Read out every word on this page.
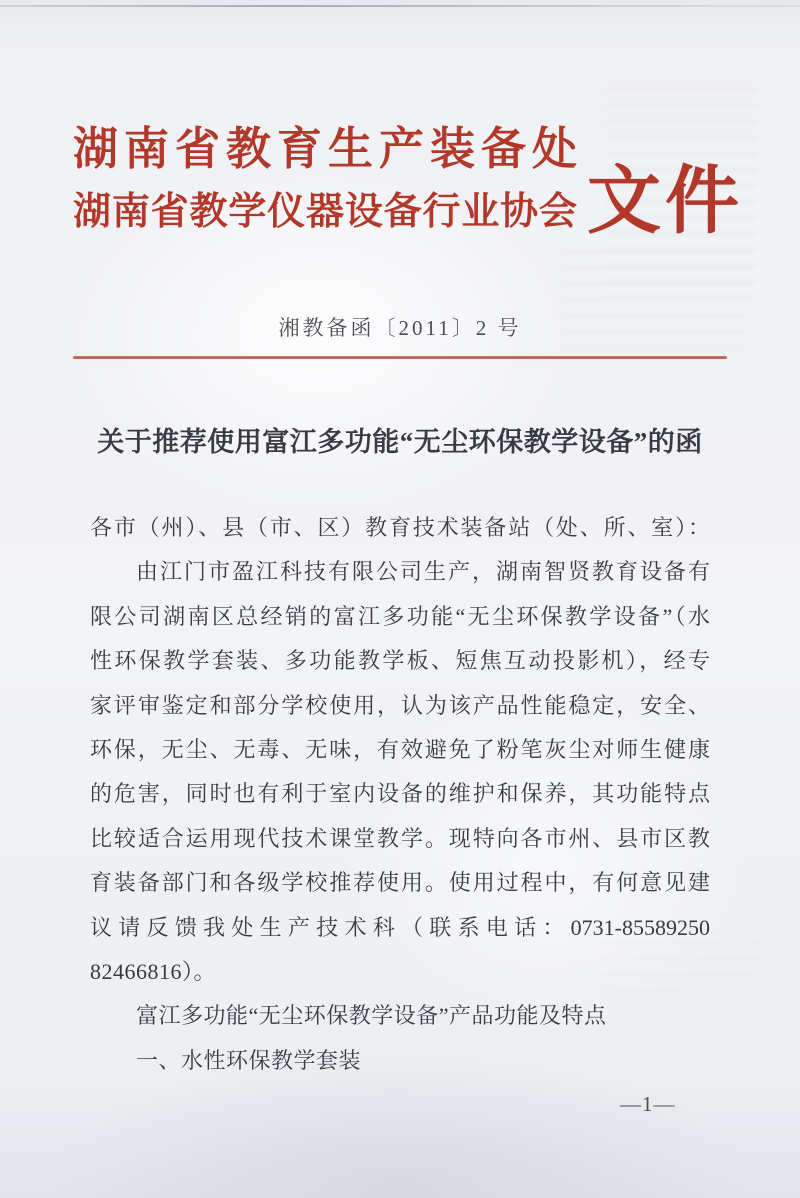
湖南省教育生产装备处
湖南省教学仪器设备行业协会 文件
湘教备函〔2011〕2 号
关于推荐使用富江多功能“无尘环保教学设备”的函

各市（州）、县（市、区）教育技术装备站（处、所、室）：

由江门市盈江科技有限公司生产，湖南智贤教育设备有

限公司湖南区总经销的富江多功能“无尘环保教学设备”（水

性环保教学套装、多功能教学板、短焦互动投影机），经专

家评审鉴定和部分学校使用，认为该产品性能稳定，安全、

环保，无尘、无毒、无味，有效避免了粉笔灰尘对师生健康

的危害，同时也有利于室内设备的维护和保养，其功能特点

比较适合运用现代技术课堂教学。现特向各市州、县市区教

育装备部门和各级学校推荐使用。使用过程中，有何意见建

议请反馈我处生产技术科（联系电话：0731-85589250

82466816）。

富江多功能“无尘环保教学设备”产品功能及特点

一、水性环保教学套装

—1—
